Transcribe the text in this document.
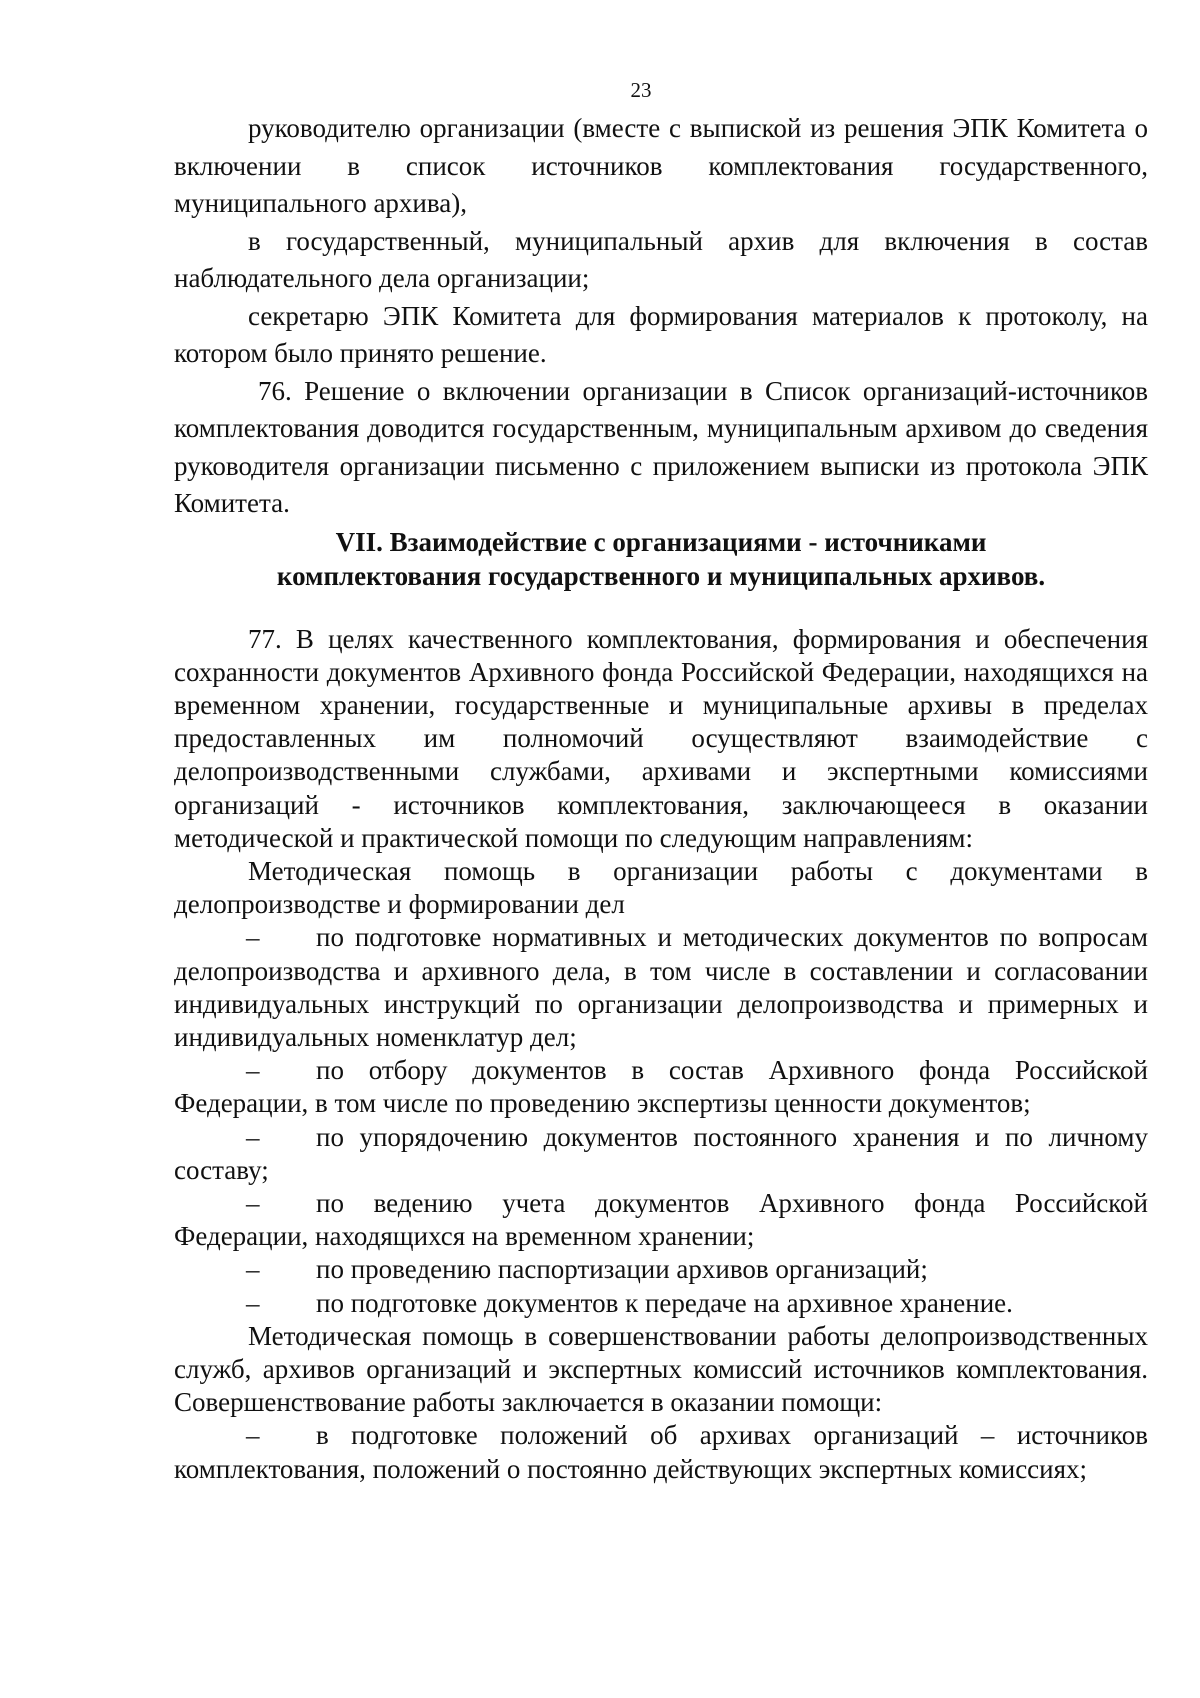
23

руководителю организации (вместе с выпиской из решения ЭПК Комитета о включении в список источников комплектования государственного, муниципального архива),

в государственный, муниципальный архив для включения в состав наблюдательного дела организации;

секретарю ЭПК Комитета для формирования материалов к протоколу, на котором было принято решение.

76. Решение о включении организации в Список организаций-источников комплектования доводится государственным, муниципальным архивом до сведения руководителя организации письменно с приложением выписки из протокола ЭПК Комитета.

VII. Взаимодействие с организациями - источниками
комплектования государственного и муниципальных архивов.

77. В целях качественного комплектования, формирования и обеспечения сохранности документов Архивного фонда Российской Федерации, находящихся на временном хранении, государственные и муниципальные архивы в пределах предоставленных им полномочий осуществляют взаимодействие с делопроизводственными службами, архивами и экспертными комиссиями организаций - источников комплектования, заключающееся в оказании методической и практической помощи по следующим направлениям:

Методическая помощь в организации работы с документами в делопроизводстве и формировании дел

– по подготовке нормативных и методических документов по вопросам делопроизводства и архивного дела, в том числе в составлении и согласовании индивидуальных инструкций по организации делопроизводства и примерных и индивидуальных номенклатур дел;

– по отбору документов в состав Архивного фонда Российской Федерации, в том числе по проведению экспертизы ценности документов;

– по упорядочению документов постоянного хранения и по личному составу;

– по ведению учета документов Архивного фонда Российской Федерации, находящихся на временном хранении;

– по проведению паспортизации архивов организаций;

– по подготовке документов к передаче на архивное хранение.

Методическая помощь в совершенствовании работы делопроизводственных служб, архивов организаций и экспертных комиссий источников комплектования. Совершенствование работы заключается в оказании помощи:

– в подготовке положений об архивах организаций – источников комплектования, положений о постоянно действующих экспертных комиссиях;
